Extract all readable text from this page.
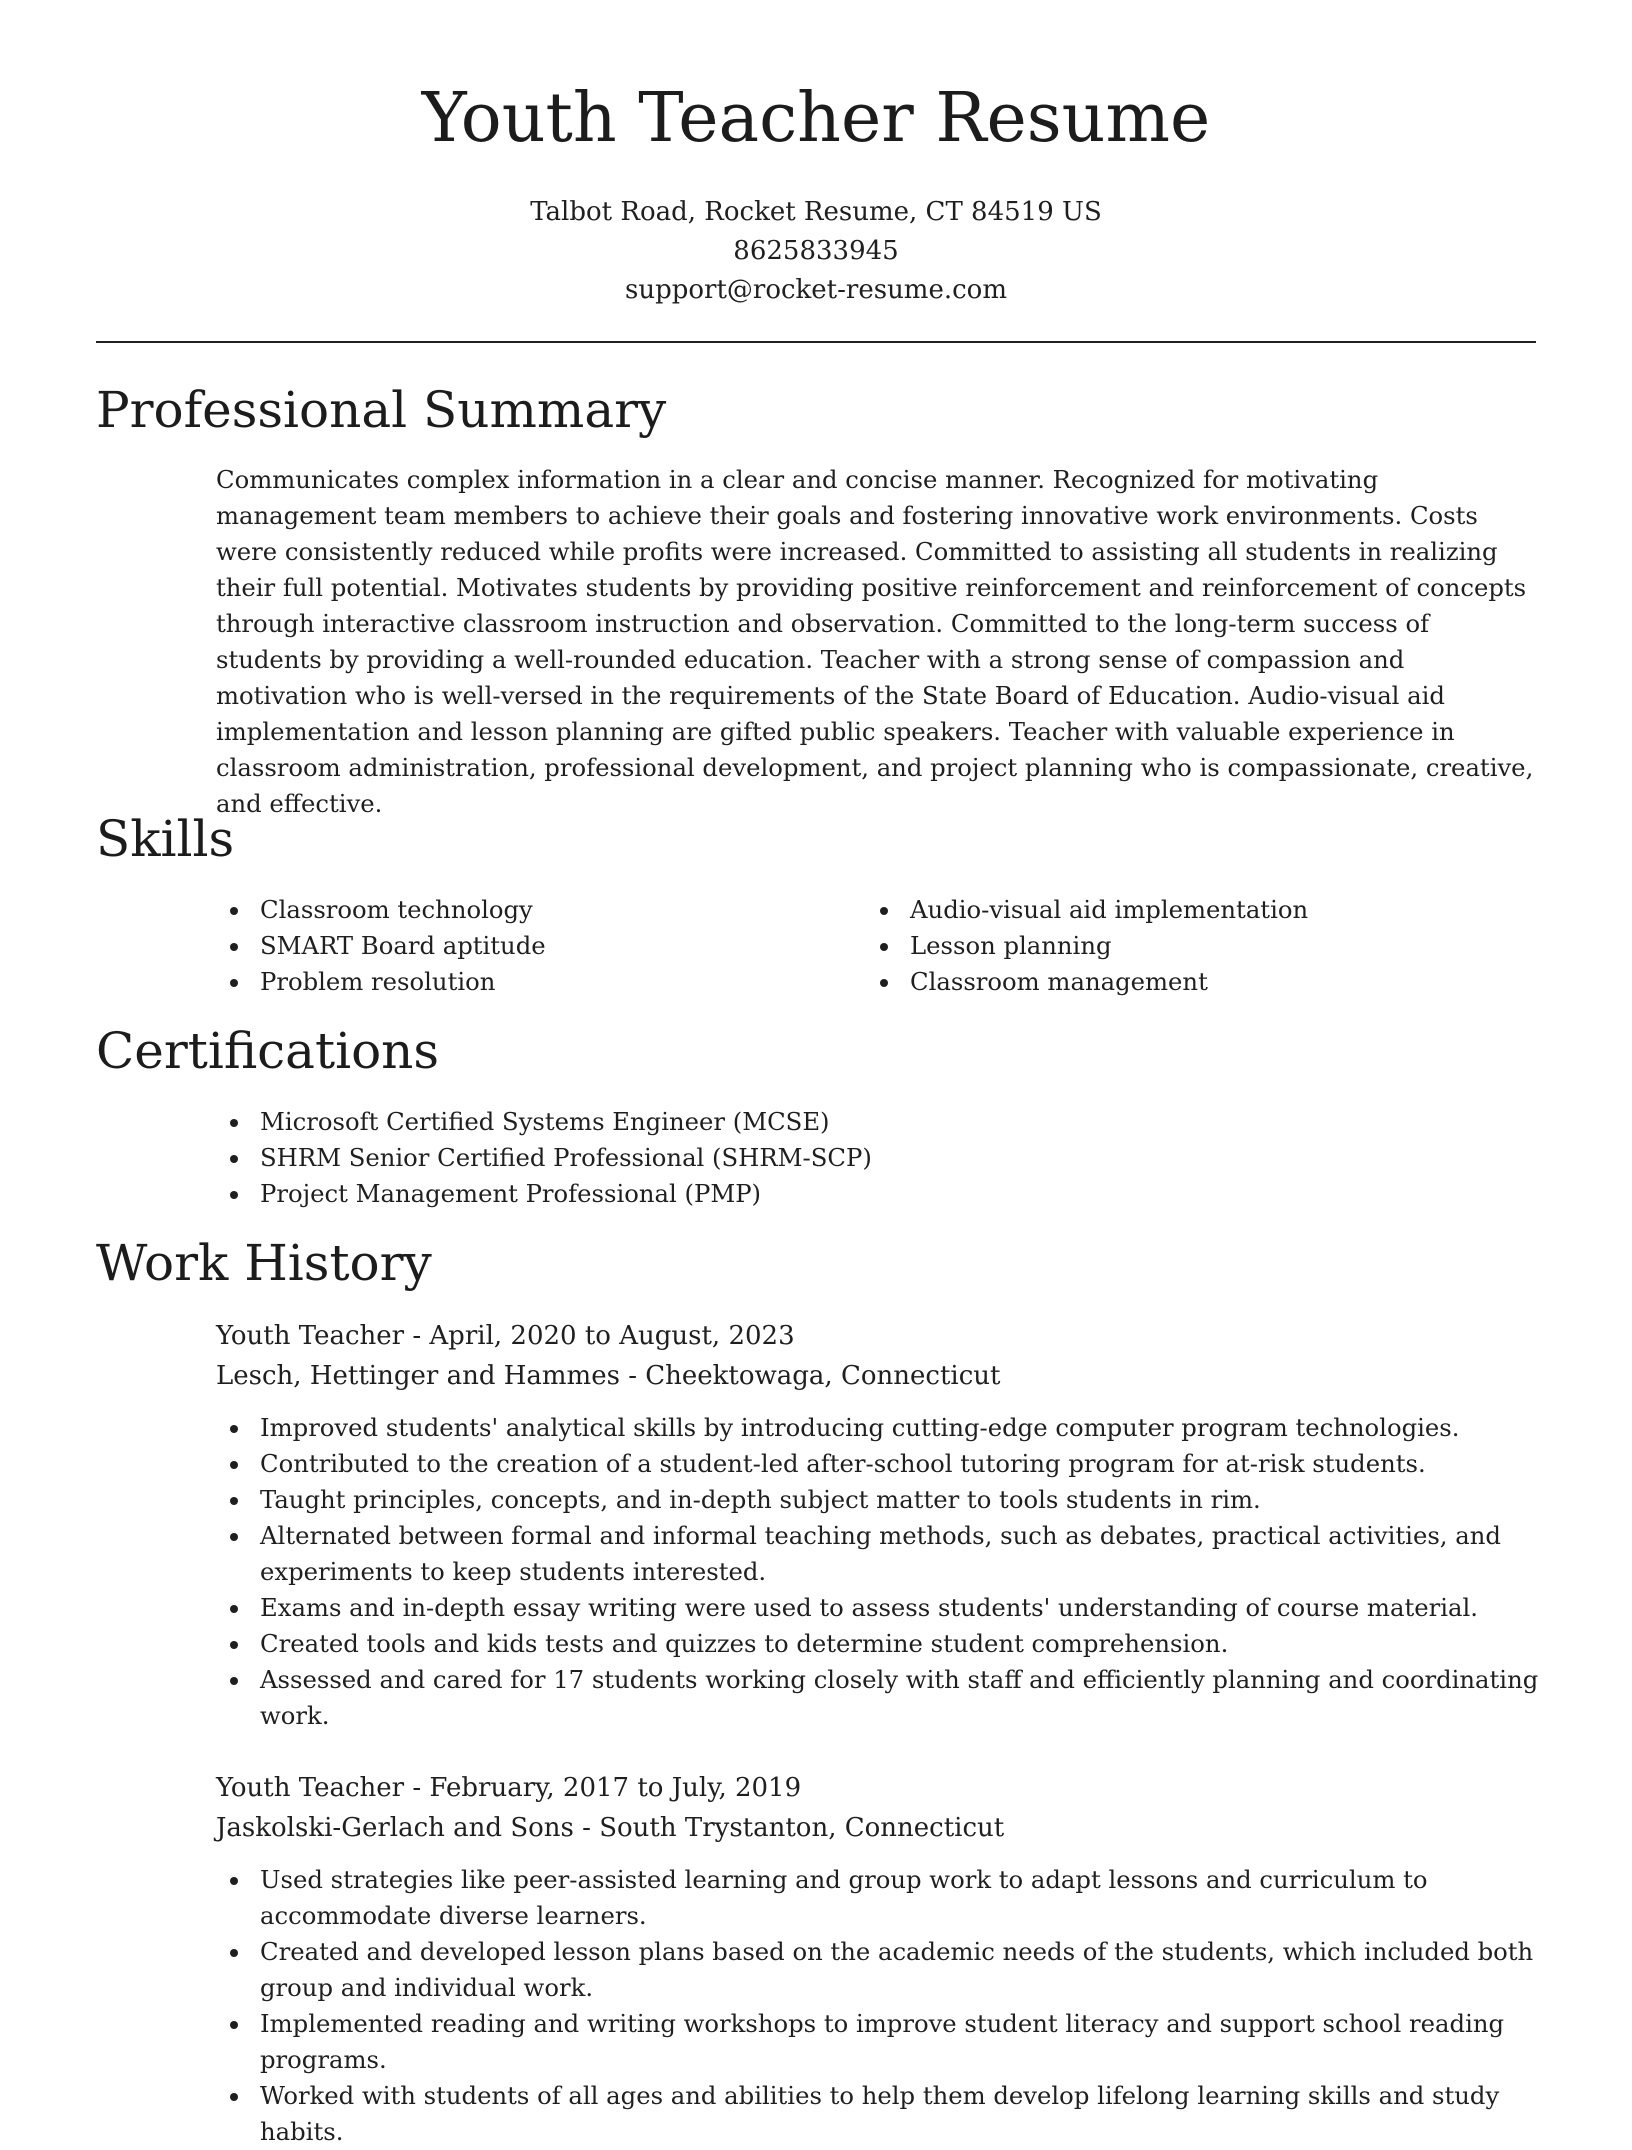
Youth Teacher Resume
Talbot Road, Rocket Resume, CT 84519 US
8625833945
support@rocket-resume.com
Professional Summary

Communicates complex information in a clear and concise manner. Recognized for motivating management team members to achieve their goals and fostering innovative work environments. Costs were consistently reduced while profits were increased. Committed to assisting all students in realizing their full potential. Motivates students by providing positive reinforcement and reinforcement of concepts through interactive classroom instruction and observation. Committed to the long-term success of students by providing a well-rounded education. Teacher with a strong sense of compassion and motivation who is well-versed in the requirements of the State Board of Education. Audio-visual aid implementation and lesson planning are gifted public speakers. Teacher with valuable experience in classroom administration, professional development, and project planning who is compassionate, creative, and effective.

Skills
Classroom technology
SMART Board aptitude
Problem resolution
Audio-visual aid implementation
Lesson planning
Classroom management
Certifications
Microsoft Certified Systems Engineer (MCSE)
SHRM Senior Certified Professional (SHRM-SCP)
Project Management Professional (PMP)
Work History
Youth Teacher - April, 2020 to August, 2023
Lesch, Hettinger and Hammes - Cheektowaga, Connecticut
Improved students' analytical skills by introducing cutting-edge computer program technologies.
Contributed to the creation of a student-led after-school tutoring program for at-risk students.
Taught principles, concepts, and in-depth subject matter to tools students in rim.
Alternated between formal and informal teaching methods, such as debates, practical activities, and experiments to keep students interested.
Exams and in-depth essay writing were used to assess students' understanding of course material.
Created tools and kids tests and quizzes to determine student comprehension.
Assessed and cared for 17 students working closely with staff and efficiently planning and coordinating work.
Youth Teacher - February, 2017 to July, 2019
Jaskolski-Gerlach and Sons - South Trystanton, Connecticut
Used strategies like peer-assisted learning and group work to adapt lessons and curriculum to accommodate diverse learners.
Created and developed lesson plans based on the academic needs of the students, which included both group and individual work.
Implemented reading and writing workshops to improve student literacy and support school reading programs.
Worked with students of all ages and abilities to help them develop lifelong learning skills and study habits.
